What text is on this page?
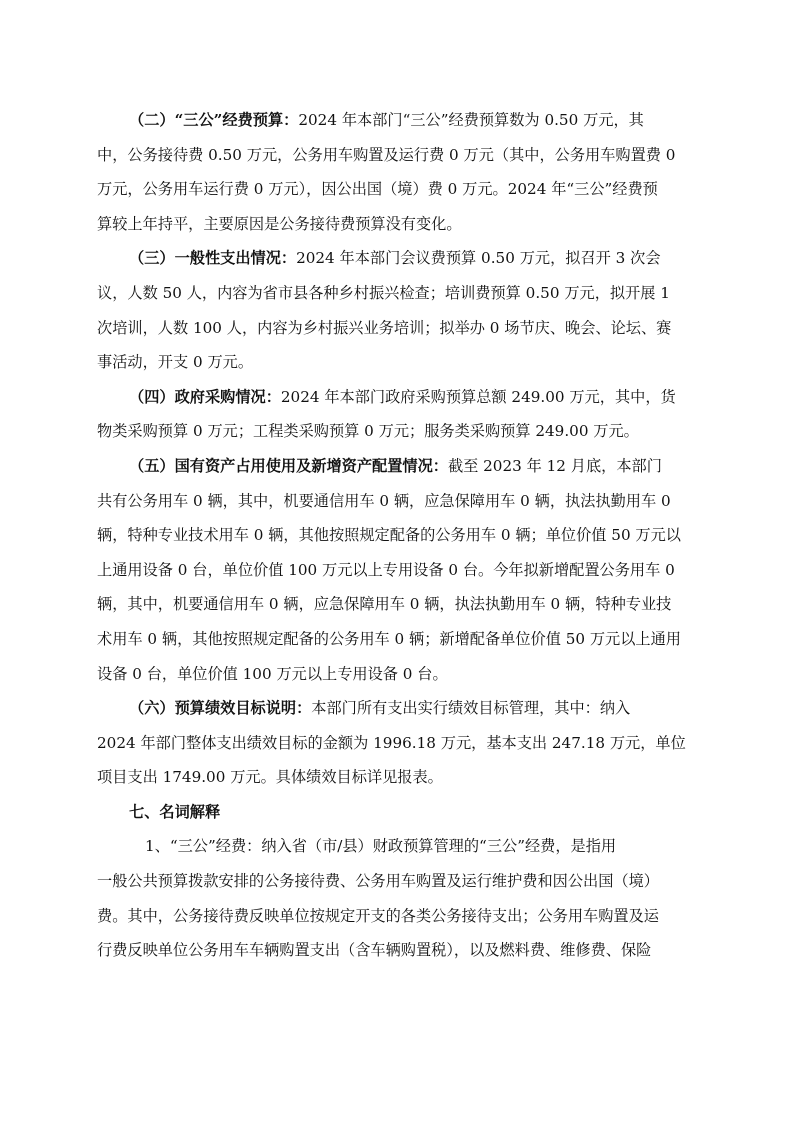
（二）“三公”经费预算：2024 年本部门“三公”经费预算数为 0.50 万元，其
中，公务接待费 0.50 万元，公务用车购置及运行费 0 万元（其中，公务用车购置费 0
万元，公务用车运行费 0 万元），因公出国（境）费 0 万元。2024 年“三公”经费预
算较上年持平，主要原因是公务接待费预算没有变化。
（三）一般性支出情况：2024 年本部门会议费预算 0.50 万元，拟召开 3 次会
议，人数 50 人，内容为省市县各种乡村振兴检查；培训费预算 0.50 万元，拟开展 1
次培训，人数 100 人，内容为乡村振兴业务培训；拟举办 0 场节庆、晚会、论坛、赛
事活动，开支 0 万元。
（四）政府采购情况：2024 年本部门政府采购预算总额 249.00 万元，其中，货
物类采购预算 0 万元；工程类采购预算 0 万元；服务类采购预算 249.00 万元。
（五）国有资产占用使用及新增资产配置情况：截至 2023 年 12 月底，本部门
共有公务用车 0 辆，其中，机要通信用车 0 辆，应急保障用车 0 辆，执法执勤用车 0
辆，特种专业技术用车 0 辆，其他按照规定配备的公务用车 0 辆；单位价值 50 万元以
上通用设备 0 台，单位价值 100 万元以上专用设备 0 台。今年拟新增配置公务用车 0
辆，其中，机要通信用车 0 辆，应急保障用车 0 辆，执法执勤用车 0 辆，特种专业技
术用车 0 辆，其他按照规定配备的公务用车 0 辆；新增配备单位价值 50 万元以上通用
设备 0 台，单位价值 100 万元以上专用设备 0 台。
（六）预算绩效目标说明：本部门所有支出实行绩效目标管理，其中：纳入
2024 年部门整体支出绩效目标的金额为 1996.18 万元，基本支出 247.18 万元，单位
项目支出 1749.00 万元。具体绩效目标详见报表。
七、名词解释
1、“三公”经费：纳入省（市/县）财政预算管理的“三公”经费，是指用
一般公共预算拨款安排的公务接待费、公务用车购置及运行维护费和因公出国（境）
费。其中，公务接待费反映单位按规定开支的各类公务接待支出；公务用车购置及运
行费反映单位公务用车车辆购置支出（含车辆购置税），以及燃料费、维修费、保险
